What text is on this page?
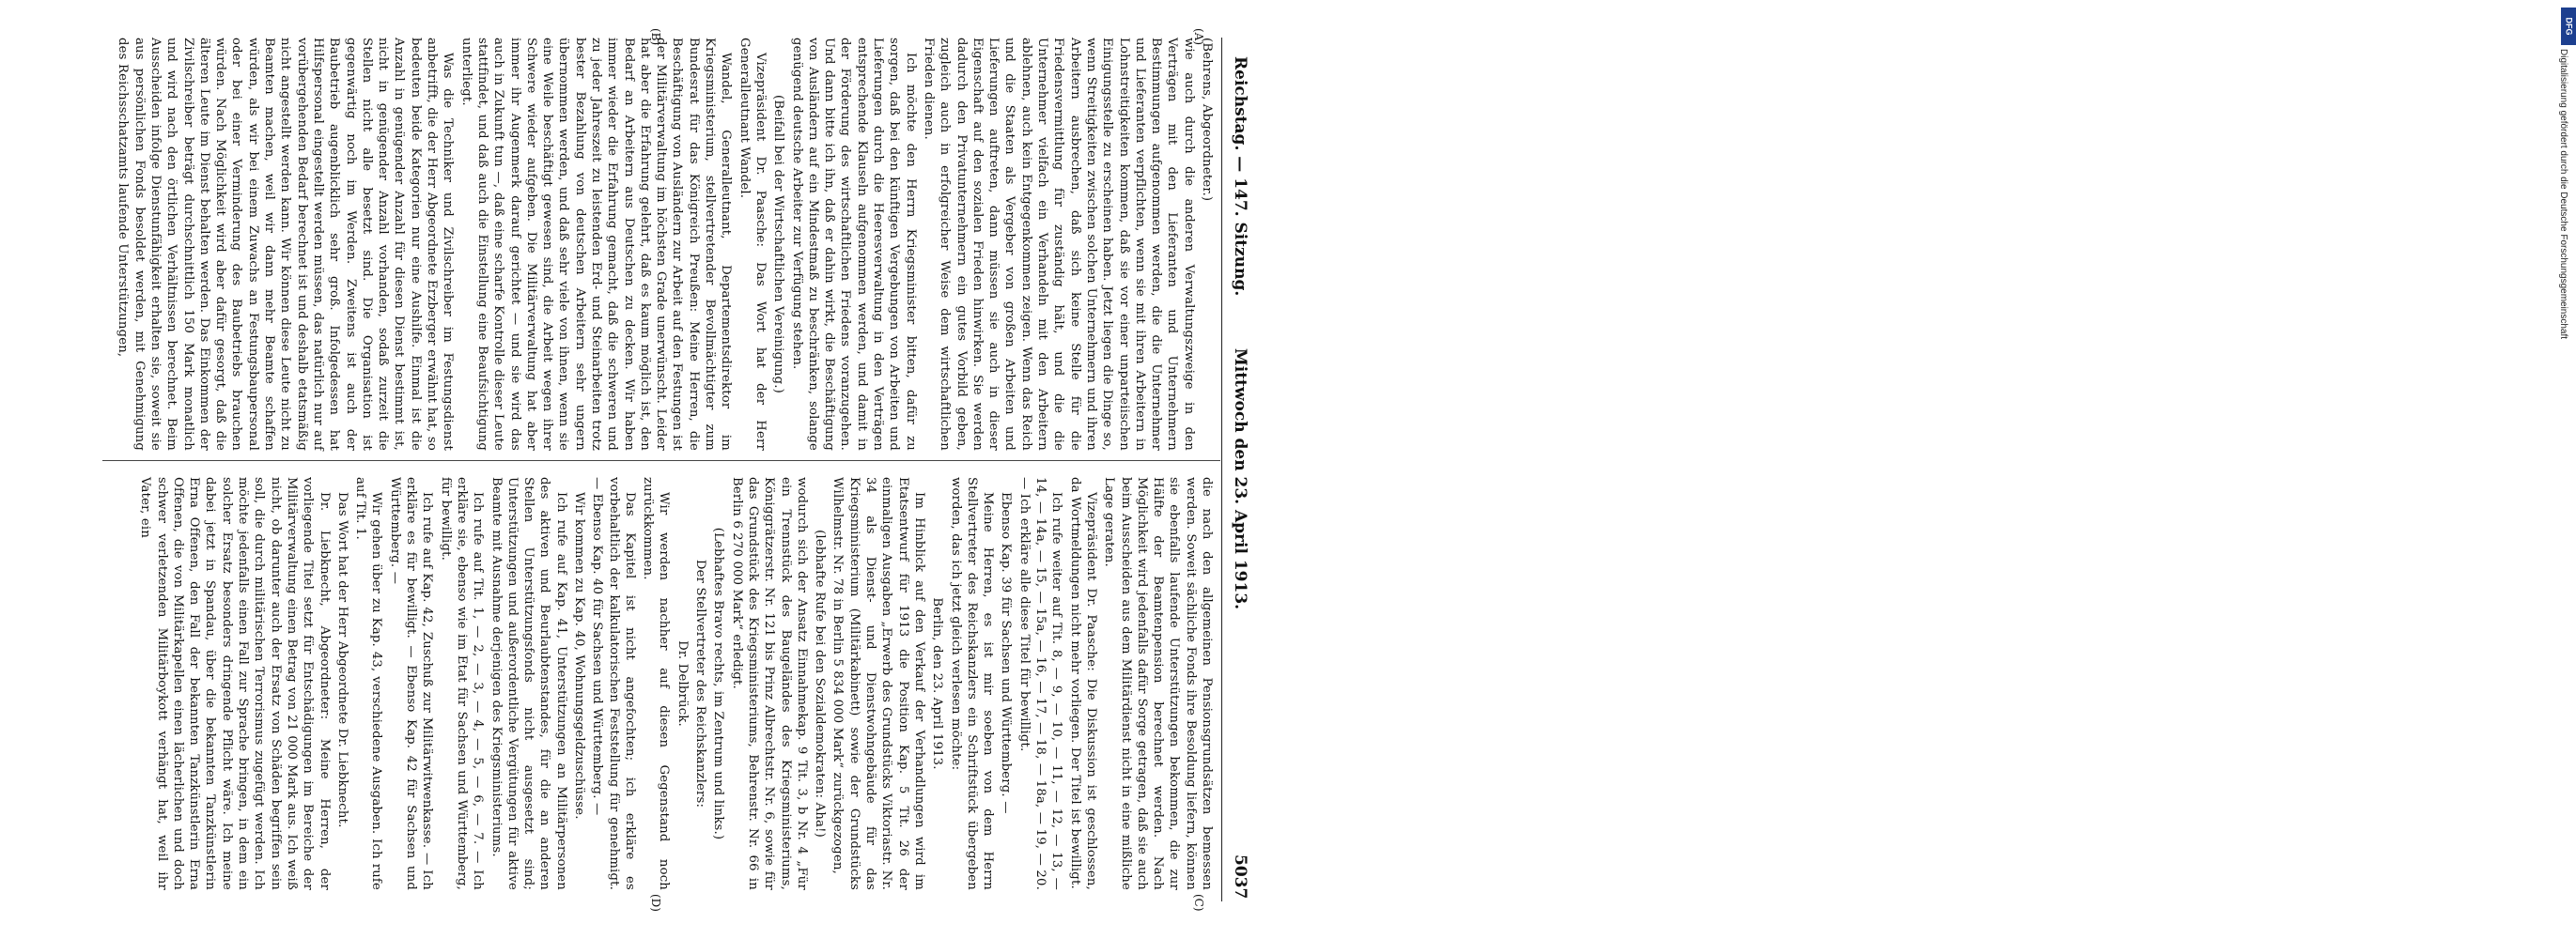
DFG
Digitalisierung gefördert durch die Deutsche Forschungsgemeinschaft
Reichstag. — 147. Sitzung.
Mittwoch den 23. April 1913.
5037
(A)
(B)
(C)
(D)

(Behrens, Abgeordneter.)

wie auch durch die anderen Verwaltungszweige in den Verträgen mit den Lieferanten und Unternehmern Bestimmungen aufgenommen werden, die die Unternehmer und Lieferanten verpflichten, wenn sie mit ihren Arbeitern in Lohnstreitigkeiten kommen, daß sie vor einer unparteiischen Einigungsstelle zu erscheinen haben. Jetzt liegen die Dinge so, wenn Streitigkeiten zwischen solchen Unternehmern und ihren Arbeitern ausbrechen, daß sich keine Stelle für die Friedensvermittlung für zuständig hält, und die die Unternehmer vielfach ein Verhandeln mit den Arbeitern ablehnen, auch kein Entgegenkommen zeigen. Wenn das Reich und die Staaten als Vergeber von großen Arbeiten und Lieferungen auftreten, dann müssen sie auch in dieser Eigenschaft auf den sozialen Frieden hinwirken. Sie werden dadurch den Privatunternehmern ein gutes Vorbild geben, zugleich auch in erfolgreicher Weise dem wirtschaftlichen Frieden dienen.

Ich möchte den Herrn Kriegsminister bitten, dafür zu sorgen, daß bei den künftigen Vergebungen von Arbeiten und Lieferungen durch die Heeresverwaltung in den Verträgen entsprechende Klauseln aufgenommen werden, und damit in der Förderung des wirtschaftlichen Friedens voranzugehen. Und dann bitte ich ihn, daß er dahin wirkt, die Beschäftigung von Ausländern auf ein Mindestmaß zu beschränken, solange genügend deutsche Arbeiter zur Verfügung stehen.

(Beifall bei der Wirtschaftlichen Vereinigung.)

Vizepräsident Dr. Paasche: Das Wort hat der Herr Generalleutnant Wandel.

Wandel, Generalleutnant, Departementsdirektor im Kriegsministerium, stellvertretender Bevollmächtigter zum Bundesrat für das Königreich Preußen: Meine Herren, die Beschäftigung von Ausländern zur Arbeit auf den Festungen ist der Militärverwaltung im höchsten Grade unerwünscht. Leider hat aber die Erfahrung gelehrt, daß es kaum möglich ist, den Bedarf an Arbeitern aus Deutschen zu decken. Wir haben immer wieder die Erfahrung gemacht, daß die schweren und zu jeder Jahreszeit zu leistenden Erd- und Steinarbeiten trotz bester Bezahlung von deutschen Arbeitern sehr ungern übernommen werden, und daß sehr viele von ihnen, wenn sie eine Weile beschäftigt gewesen sind, die Arbeit wegen ihrer Schwere wieder aufgeben. Die Militärverwaltung hat aber immer ihr Augenmerk darauf gerichtet — und sie wird das auch in Zukunft tun —, daß eine scharfe Kontrolle dieser Leute stattfindet, und daß auch die Einstellung eine Beaufsichtigung unterliegt.

Was die Techniker und Zivilschreiber im Festungsdienst anbetrifft, die der Herr Abgeordnete Erzberger erwähnt hat, so bedeuten beide Kategorien nur eine Aushilfe. Einmal ist die Anzahl in genügender Anzahl für diesen Dienst bestimmt ist, nicht in genügender Anzahl vorhanden, sodaß zurzeit die Stellen nicht alle besetzt sind. Die Organisation ist gegenwärtig noch im Werden. Zweitens ist auch der Baubetrieb augenblicklich sehr groß. Infolgedessen hat Hilfspersonal eingestellt werden müssen, das natürlich nur auf vorübergehenden Bedarf berechnet ist und deshalb etatsmäßig nicht angestellt werden kann. Wir können diese Leute nicht zu Beamten machen, weil wir dann mehr Beamte schaffen würden, als wir bei einem Zuwachs an Festungsbaupersonal oder bei einer Verminderung des Baubetriebs brauchen würden. Nach Möglichkeit wird aber dafür gesorgt, daß die älteren Leute im Dienst behalten werden. Das Einkommen der Zivilschreiber beträgt durchschnittlich 150 Mark monatlich und wird nach den örtlichen Verhältnissen berechnet. Beim Ausscheiden infolge Dienstunfähigkeit erhalten sie, soweit sie aus persönlichen Fonds besoldet werden, mit Genehmigung des Reichsschatzamts laufende Unterstützungen,

die nach den allgemeinen Pensionsgrundsätzen bemessen werden. Soweit sächliche Fonds ihre Besoldung liefern, können sie ebenfalls laufende Unterstützungen bekommen, die zur Hälfte der Beamtenpension berechnet werden. Nach Möglichkeit wird jedenfalls dafür Sorge getragen, daß sie auch beim Ausscheiden aus dem Militärdienst nicht in eine mißliche Lage geraten.

Vizepräsident Dr. Paasche: Die Diskussion ist geschlossen, da Wortmeldungen nicht mehr vorliegen. Der Titel ist bewilligt.

Ich rufe weiter auf Tit. 8, — 9, — 10, — 11, — 12, — 13, — 14, — 14a, — 15, — 15a, — 16, — 17, — 18, — 18a, — 19, — 20. — Ich erkläre alle diese Titel für bewilligt.

Ebenso Kap. 39 für Sachsen und Württemberg. —

Meine Herren, es ist mir soeben von dem Herrn Stellvertreter des Reichskanzlers ein Schriftstück übergeben worden, das ich jetzt gleich verlesen möchte:

Berlin, den 23. April 1913.

Im Hinblick auf den Verkauf der Verhandlungen wird im Etatsentwurf für 1913 die Position Kap. 5 Tit. 26 der einmaligen Ausgaben „Erwerb des Grundstücks Viktoriastr. Nr. 34 als Dienst- und Dienstwohngebäude für das Kriegsministerium (Militärkabinett) sowie der Grundstücks Wilhelmstr. Nr. 78 in Berlin 5 834 000 Mark“ zurückgezogen,

(lebhafte Rufe bei den Sozialdemokraten: Aha!)

wodurch sich der Ansatz Einnahmekap. 9 Tit. 3, b Nr. 4 „Für ein Trennstück des Baugeländes des Kriegsministeriums, Königgrätzerstr. Nr. 121 bis Prinz Albrechtstr. Nr. 6, sowie für das Grundstück des Kriegsministeriums, Behrenstr. Nr. 66 in Berlin 6 270 000 Mark“ erledigt.

(Lebhaftes Bravo rechts, im Zentrum und links.)

Der Stellvertreter des Reichskanzlers:

Dr. Delbrück.

Wir werden nachher auf diesen Gegenstand noch zurückkommen.

Das Kapitel ist nicht angefochten; ich erkläre es vorbehaltlich der kalkulatorischen Feststellung für genehmigt. — Ebenso Kap. 40 für Sachsen und Württemberg. —

Wir kommen zu Kap. 40, Wohnungsgeldzuschüsse.

Ich rufe auf Kap. 41, Unterstützungen an Militärpersonen des aktiven und Beurlaubtenstandes, für die an anderen Stellen Unterstützungsfonds nicht ausgesetzt sind; Unterstützungen und außerordentliche Vergütungen für aktive Beamte mit Ausnahme derjenigen des Kriegsministeriums.

Ich rufe auf Tit. 1, — 2, — 3, — 4, — 5, — 6, — 7. — Ich erkläre sie, ebenso wie im Etat für Sachsen und Württemberg, für bewilligt.

Ich rufe auf Kap. 42, Zuschuß zur Militärwitwenkasse. — Ich erkläre es für bewilligt. — Ebenso Kap. 42 für Sachsen und Württemberg. —

Wir gehen über zu Kap. 43, verschiedene Ausgaben. Ich rufe auf Tit. 1.

Das Wort hat der Herr Abgeordnete Dr. Liebknecht.

Dr. Liebknecht, Abgeordneter: Meine Herren, der vorliegende Titel setzt für Entschädigungen im Bereiche der Militärverwaltung einen Betrag von 21 000 Mark aus. Ich weiß nicht, ob darunter auch der Ersatz von Schäden begriffen sein soll, die durch militärischen Terrorismus zugefügt werden. Ich möchte jedenfalls einen Fall zur Sprache bringen, in dem ein solcher Ersatz besonders dringende Pflicht wäre. Ich meine dabei jetzt in Spandau, über die bekannten Tanzkünstlerin Erna Offenen, den Fall der bekannten Tanzkünstlerin Erna Offenen, die von Militärkapellen einen lächerlichen und doch schwer verletzenden Militärboykott verhängt hat, weil ihr Vater, ein
